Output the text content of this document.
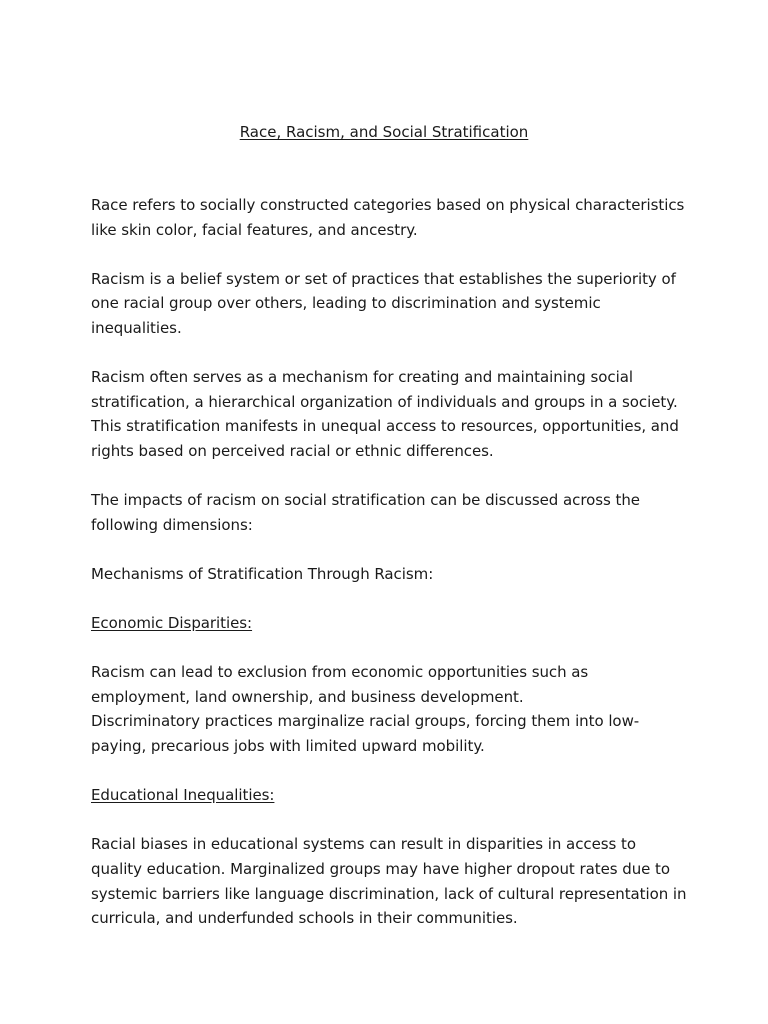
Race, Racism, and Social Stratification

Race refers to socially constructed categories based on physical characteristics like skin color, facial features, and ancestry.

Racism is a belief system or set of practices that establishes the superiority of one racial group over others, leading to discrimination and systemic inequalities.

Racism often serves as a mechanism for creating and maintaining social stratification, a hierarchical organization of individuals and groups in a society. This stratification manifests in unequal access to resources, opportunities, and rights based on perceived racial or ethnic differences.

The impacts of racism on social stratification can be discussed across the following dimensions:

Mechanisms of Stratification Through Racism:

Economic Disparities:

Racism can lead to exclusion from economic opportunities such as employment, land ownership, and business development.

Discriminatory practices marginalize racial groups, forcing them into low-paying, precarious jobs with limited upward mobility.

Educational Inequalities:

Racial biases in educational systems can result in disparities in access to quality education. Marginalized groups may have higher dropout rates due to systemic barriers like language discrimination, lack of cultural representation in curricula, and underfunded schools in their communities.
